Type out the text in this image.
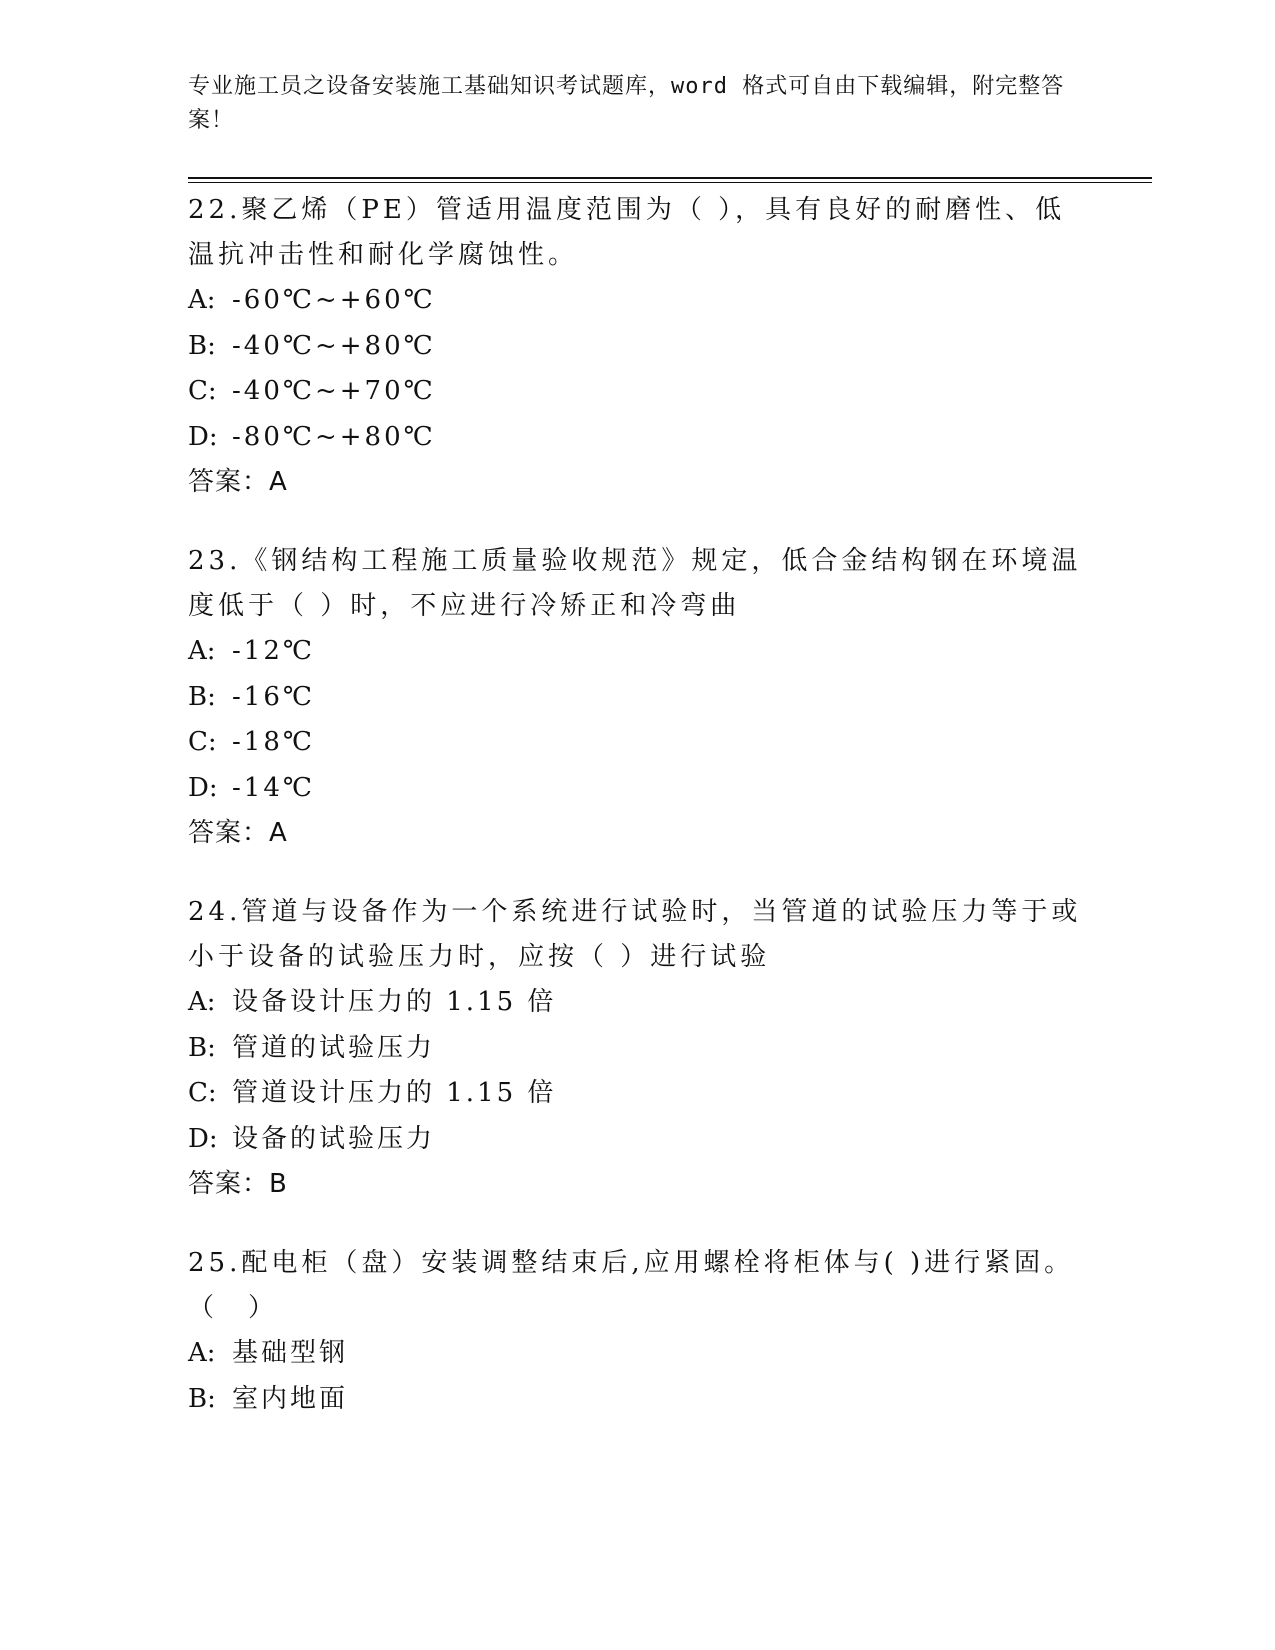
专业施工员之设备安装施工基础知识考试题库，word 格式可自由下载编辑，附完整答案！

22.聚乙烯（PE）管适用温度范围为（ ），具有良好的耐磨性、低温抗冲击性和耐化学腐蚀性。

A: -60℃~+60℃

B: -40℃~+80℃

C: -40℃~+70℃

D: -80℃~+80℃

答案：A

23.《钢结构工程施工质量验收规范》规定，低合金结构钢在环境温度低于（ ）时，不应进行冷矫正和冷弯曲

A: -12℃

B: -16℃

C: -18℃

D: -14℃

答案：A

24.管道与设备作为一个系统进行试验时，当管道的试验压力等于或小于设备的试验压力时，应按（ ）进行试验

A: 设备设计压力的 1.15 倍

B: 管道的试验压力

C: 管道设计压力的 1.15 倍

D: 设备的试验压力

答案：B

25.配电柜（盘）安装调整结束后,应用螺栓将柜体与( )进行紧固。（　）

A: 基础型钢

B: 室内地面
